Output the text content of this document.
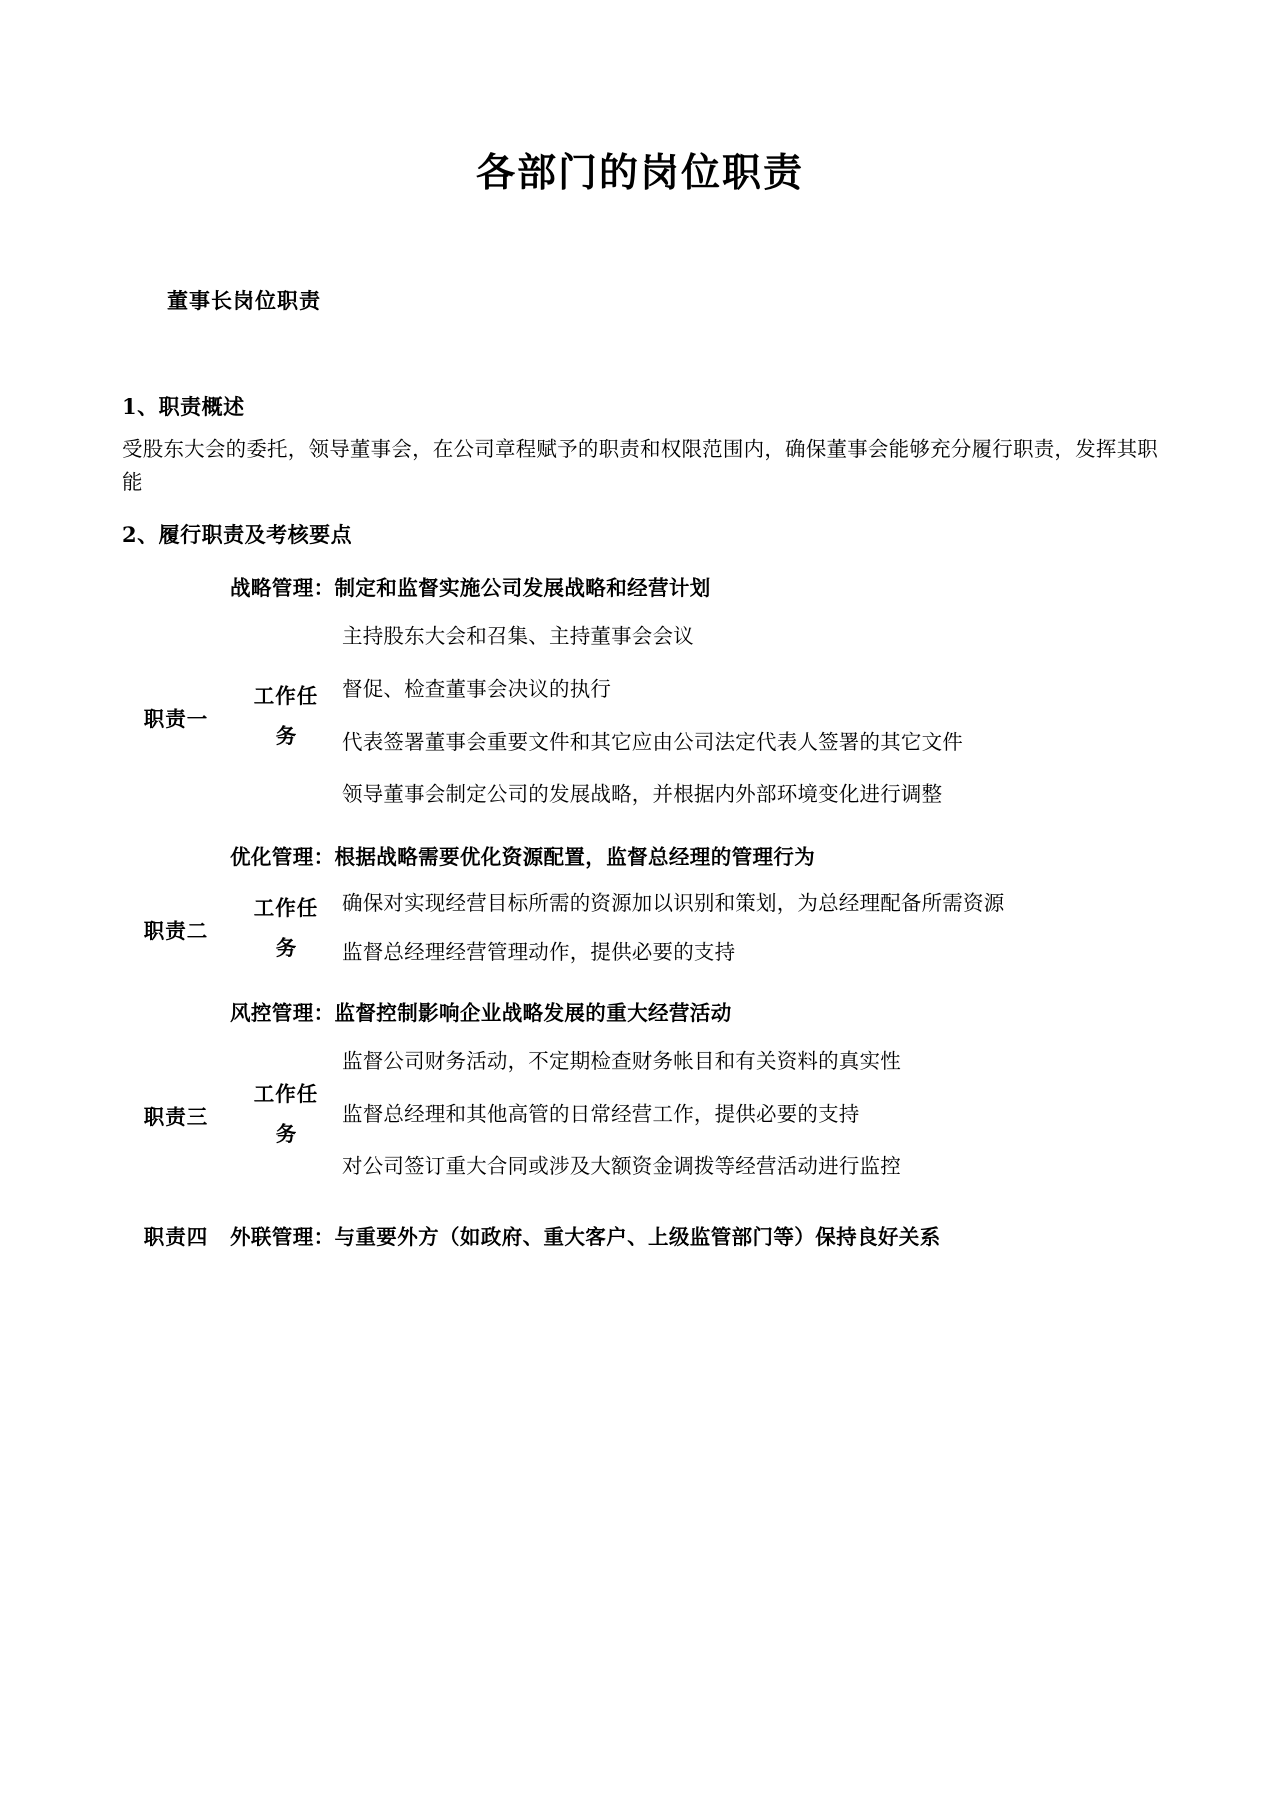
各部门的岗位职责
董事长岗位职责
1、职责概述
受股东大会的委托，领导董事会，在公司章程赋予的职责和权限范围内，确保董事会能够充分履行职责，发挥其职能
2、履行职责及考核要点
战略管理：制定和监督实施公司发展战略和经营计划
职责一
工作任
务
主持股东大会和召集、主持董事会会议
督促、检查董事会决议的执行
代表签署董事会重要文件和其它应由公司法定代表人签署的其它文件
领导董事会制定公司的发展战略，并根据内外部环境变化进行调整
优化管理：根据战略需要优化资源配置，监督总经理的管理行为
职责二
工作任
务
确保对实现经营目标所需的资源加以识别和策划，为总经理配备所需资源
监督总经理经营管理动作，提供必要的支持
风控管理：监督控制影响企业战略发展的重大经营活动
职责三
工作任
务
监督公司财务活动，不定期检查财务帐目和有关资料的真实性
监督总经理和其他高管的日常经营工作，提供必要的支持
对公司签订重大合同或涉及大额资金调拨等经营活动进行监控
职责四	外联管理：与重要外方（如政府、重大客户、上级监管部门等）保持良好关系
